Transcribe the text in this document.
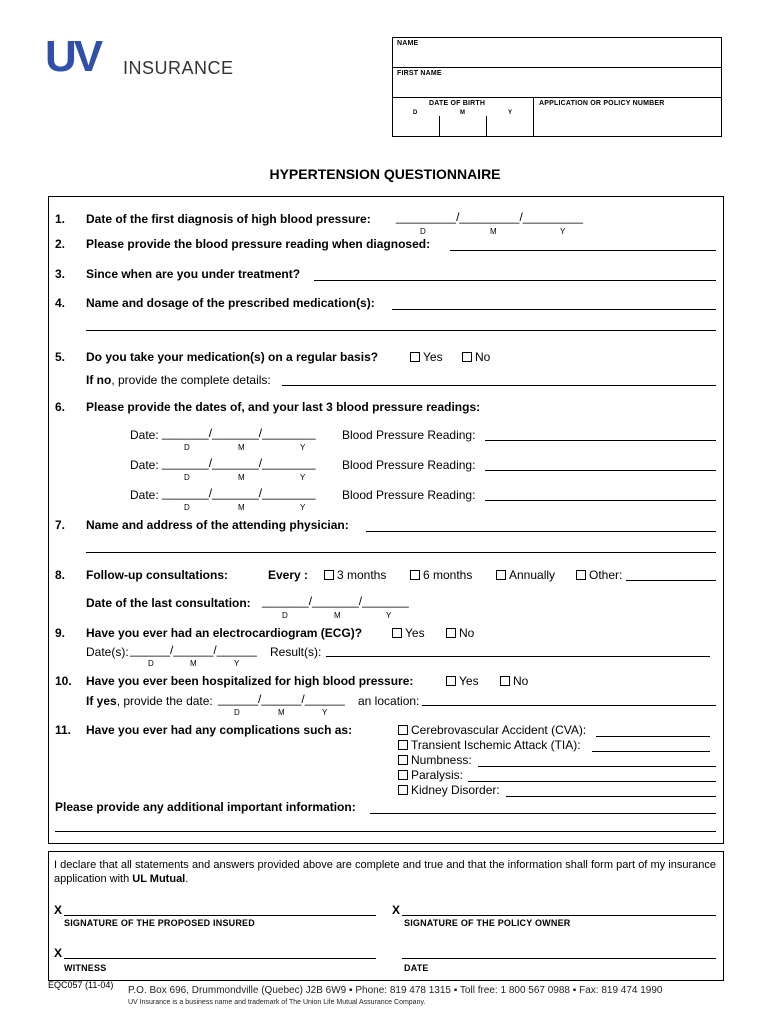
UV INSURANCE
NAME
FIRST NAME
DATE OF BIRTH
D	M	Y
APPLICATION OR POLICY NUMBER
HYPERTENSION QUESTIONNAIRE
1. Date of the first diagnosis of high blood pressure: _________/_________/_________
D	M	Y
2. Please provide the blood pressure reading when diagnosed:
3. Since when are you under treatment?
4. Name and dosage of the prescribed medication(s):
5. Do you take your medication(s) on a regular basis?	Yes	No
If no, provide the complete details:
6. Please provide the dates of, and your last 3 blood pressure readings:
Date: _______/_______/________
D	M	Y
Blood Pressure Reading:
Date: _______/_______/________
D	M	Y
Blood Pressure Reading:
Date: _______/_______/________
D	M	Y
Blood Pressure Reading:
7. Name and address of the attending physician:
8. Follow-up consultations:	Every :	3 months	6 months	Annually	Other:
Date of the last consultation: _______/_______/_______
D	M	Y
9. Have you ever had an electrocardiogram (ECG)?	Yes	No
Date(s): ______/______/______
D	M	Y
Result(s):
10. Have you ever been hospitalized for high blood pressure:	Yes	No
If yes, provide the date: ______/______/______
D	M	Y
an location:
11. Have you ever had any complications such as:	Cerebrovascular Accident (CVA):
Transient Ischemic Attack (TIA):
Numbness:
Paralysis:
Kidney Disorder:
Please provide any additional important information:
I declare that all statements and answers provided above are complete and true and that the information shall form part of my insurance application with UL Mutual.
X
SIGNATURE OF THE PROPOSED INSURED
X
SIGNATURE OF THE POLICY OWNER
X
WITNESS	DATE
EQC057 (11-04) P.O. Box 696, Drummondville (Quebec) J2B 6W9 ▪ Phone: 819 478 1315 ▪ Toll free: 1 800 567 0988 ▪ Fax: 819 474 1990
UV Insurance is a business name and trademark of The Union Life Mutual Assurance Company.
